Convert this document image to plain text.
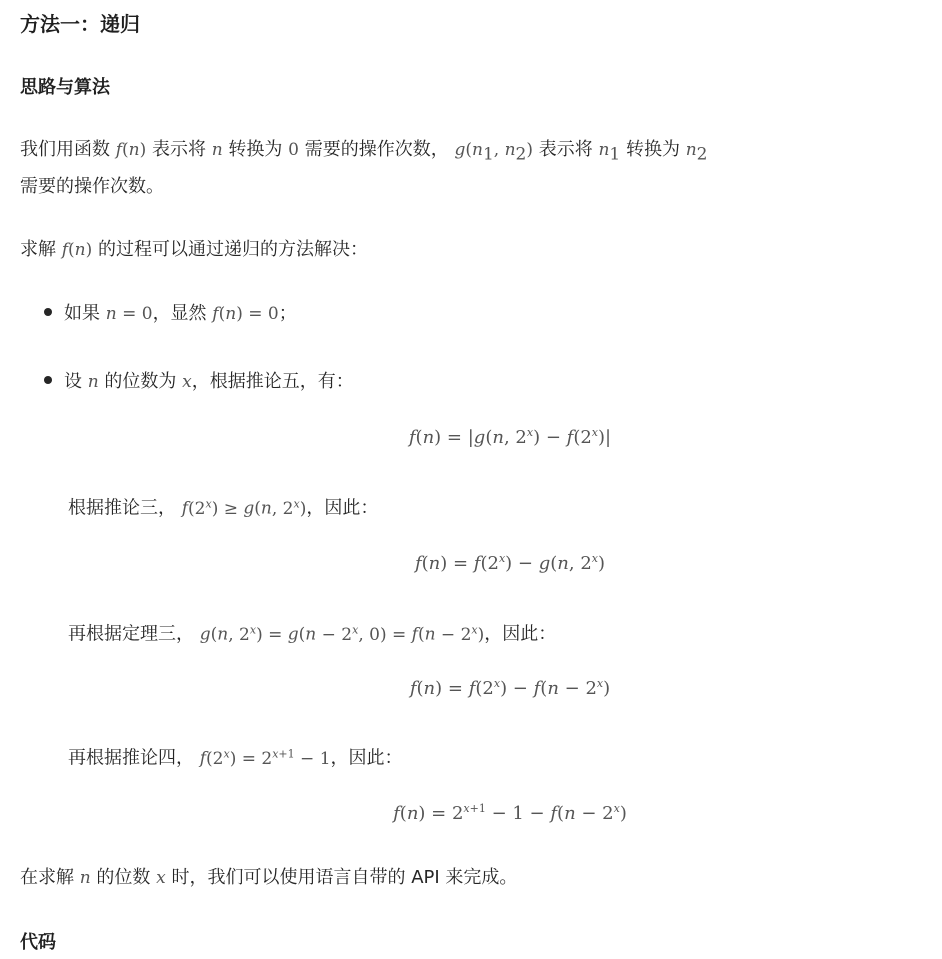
方法一：递归
思路与算法
我们用函数 f(n) 表示将 n 转换为 0 需要的操作次数， $g(n_1$, $n_2$) 表示将 $n_1$ 转换为 $n_2$
需要的操作次数。
求解 f(n) 的过程可以通过递归的方法解决：
如果 n = 0，显然 f(n) = 0；
设 n 的位数为 x，根据推论五，有：
f(n) = |g(n, $2^x) - f(2^x)|$
根据推论三， $f(2^x) \ge g(n$, 2$^x$)，因此：
$f(n) = f(2^x) - g(n$, 2$^x$)
再根据定理三， g(n, $2^x) = g(n - 2^x$, $0) = f(n - 2^x)$，因此：
$f(n) = f(2^x) - f(n - 2^x)$
再根据推论四， $f(2^x) = 2^{x+1} - 1$，因此：
$f(n) = 2^{x+1} - 1 - f(n - 2^x)$
在求解 n 的位数 x 时，我们可以使用语言自带的 API 来完成。
代码
